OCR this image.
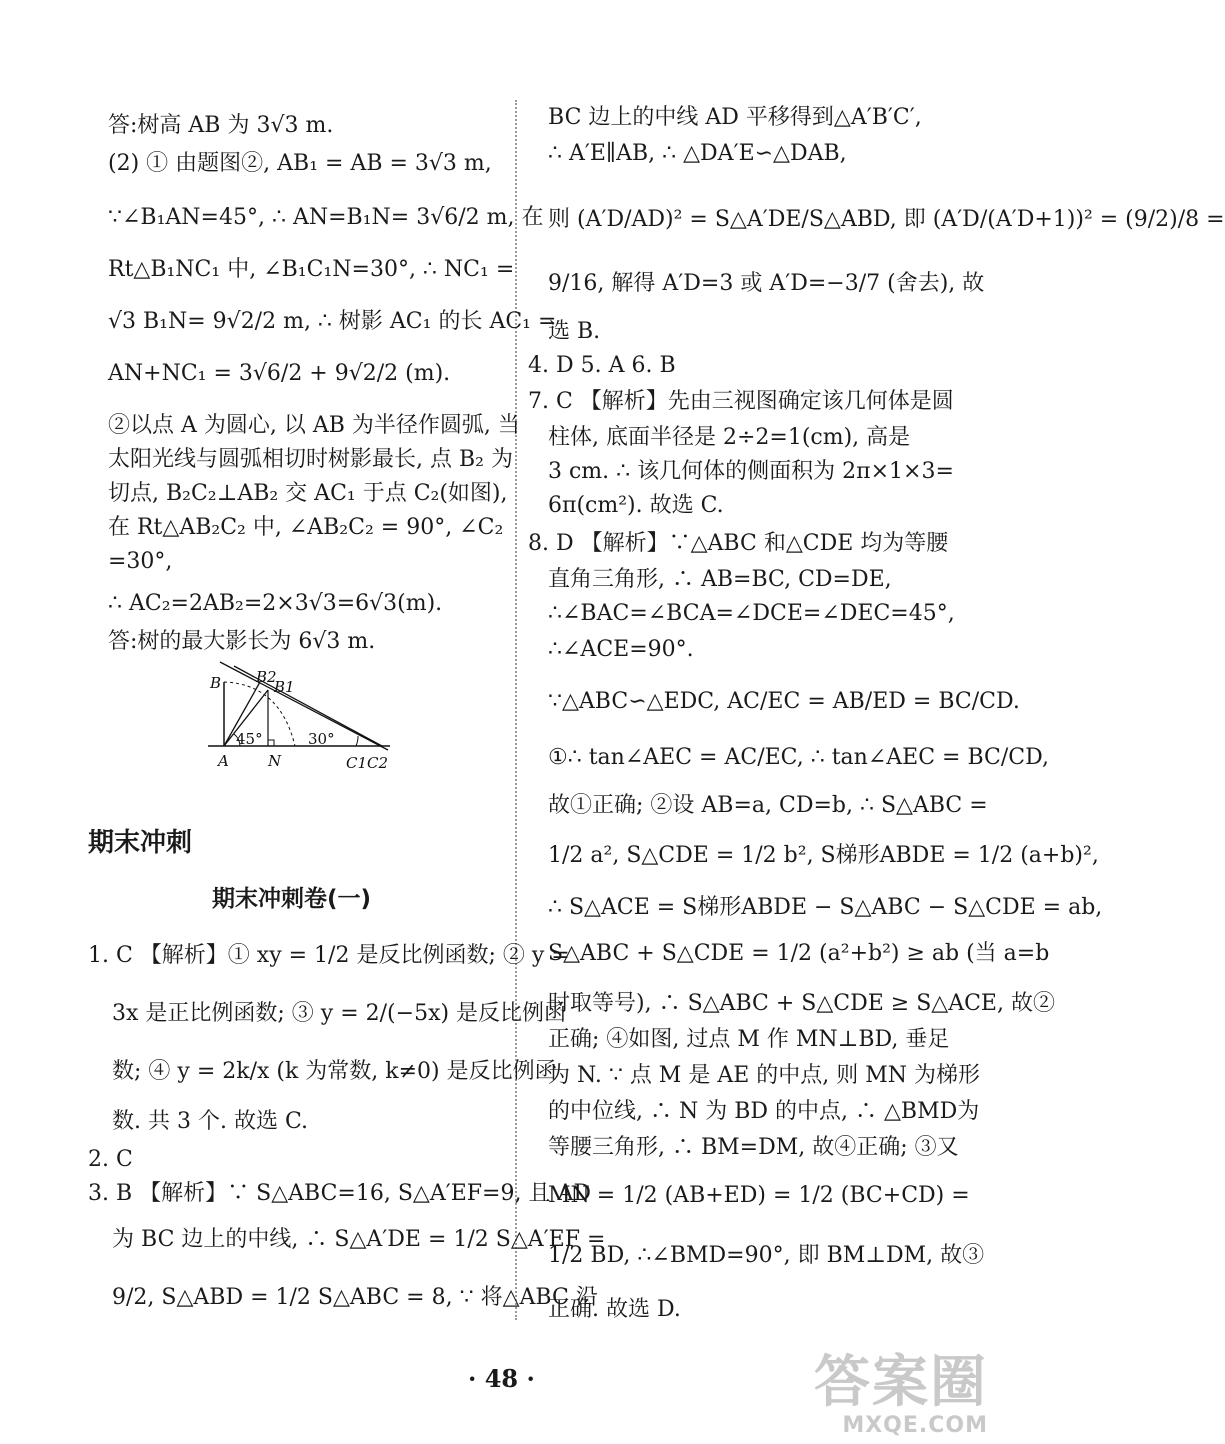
答:树高 AB 为 3√3 m.
(2) ① 由题图②, AB₁ = AB = 3√3 m,
∵∠B₁AN=45°, ∴ AN=B₁N= 3√6/2 m, 在
Rt△B₁NC₁ 中, ∠B₁C₁N=30°, ∴ NC₁ =
√3 B₁N= 9√2/2 m, ∴ 树影 AC₁ 的长 AC₁ =
AN+NC₁ = 3√6/2 + 9√2/2 (m).
②以点 A 为圆心, 以 AB 为半径作圆弧, 当
太阳光线与圆弧相切时树影最长, 点 B₂ 为
切点, B₂C₂⊥AB₂ 交 AC₁ 于点 C₂(如图),
在 Rt△AB₂C₂ 中, ∠AB₂C₂ = 90°, ∠C₂
=30°,
∴ AC₂=2AB₂=2×3√3=6√3(m).
答:树的最大影长为 6√3 m.
B B2
B1
A	N	C1C2
45°	30°
期末冲刺
期末冲刺卷(一)
1. C 【解析】① xy = 1/2 是反比例函数; ② y =
3x 是正比例函数; ③ y = 2/(−5x) 是反比例函
数; ④ y = 2k/x (k 为常数, k≠0) 是反比例函
数. 共 3 个. 故选 C.
2. C
3. B 【解析】∵ S△ABC=16, S△A′EF=9, 且 AD
为 BC 边上的中线, ∴ S△A′DE = 1/2 S△A′EF =
9/2, S△ABD = 1/2 S△ABC = 8, ∵ 将△ABC 沿
BC 边上的中线 AD 平移得到△A′B′C′,
∴ A′E∥AB, ∴ △DA′E∽△DAB,
则 (A′D/AD)² = S△A′DE/S△ABD, 即 (A′D/(A′D+1))² = (9/2)/8 =
9/16, 解得 A′D=3 或 A′D=−3/7 (舍去), 故
选 B.
4. D 5. A 6. B
7. C 【解析】先由三视图确定该几何体是圆
柱体, 底面半径是 2÷2=1(cm), 高是
3 cm. ∴ 该几何体的侧面积为 2π×1×3=
6π(cm²). 故选 C.
8. D 【解析】∵△ABC 和△CDE 均为等腰
直角三角形, ∴ AB=BC, CD=DE,
∴∠BAC=∠BCA=∠DCE=∠DEC=45°,
∴∠ACE=90°.
∵△ABC∽△EDC, AC/EC = AB/ED = BC/CD.
①∴ tan∠AEC = AC/EC, ∴ tan∠AEC = BC/CD,
故①正确; ②设 AB=a, CD=b, ∴ S△ABC =
1/2 a², S△CDE = 1/2 b², S梯形ABDE = 1/2 (a+b)²,
∴ S△ACE = S梯形ABDE − S△ABC − S△CDE = ab,
S△ABC + S△CDE = 1/2 (a²+b²) ≥ ab (当 a=b
时取等号), ∴ S△ABC + S△CDE ≥ S△ACE, 故②
正确; ④如图, 过点 M 作 MN⊥BD, 垂足
为 N. ∵ 点 M 是 AE 的中点, 则 MN 为梯形
的中位线, ∴ N 为 BD 的中点, ∴ △BMD为
等腰三角形, ∴ BM=DM, 故④正确; ③又
MN = 1/2 (AB+ED) = 1/2 (BC+CD) =
1/2 BD, ∴∠BMD=90°, 即 BM⊥DM, 故③
正确. 故选 D.
· 48 ·	答案圈
MXQE.COM
